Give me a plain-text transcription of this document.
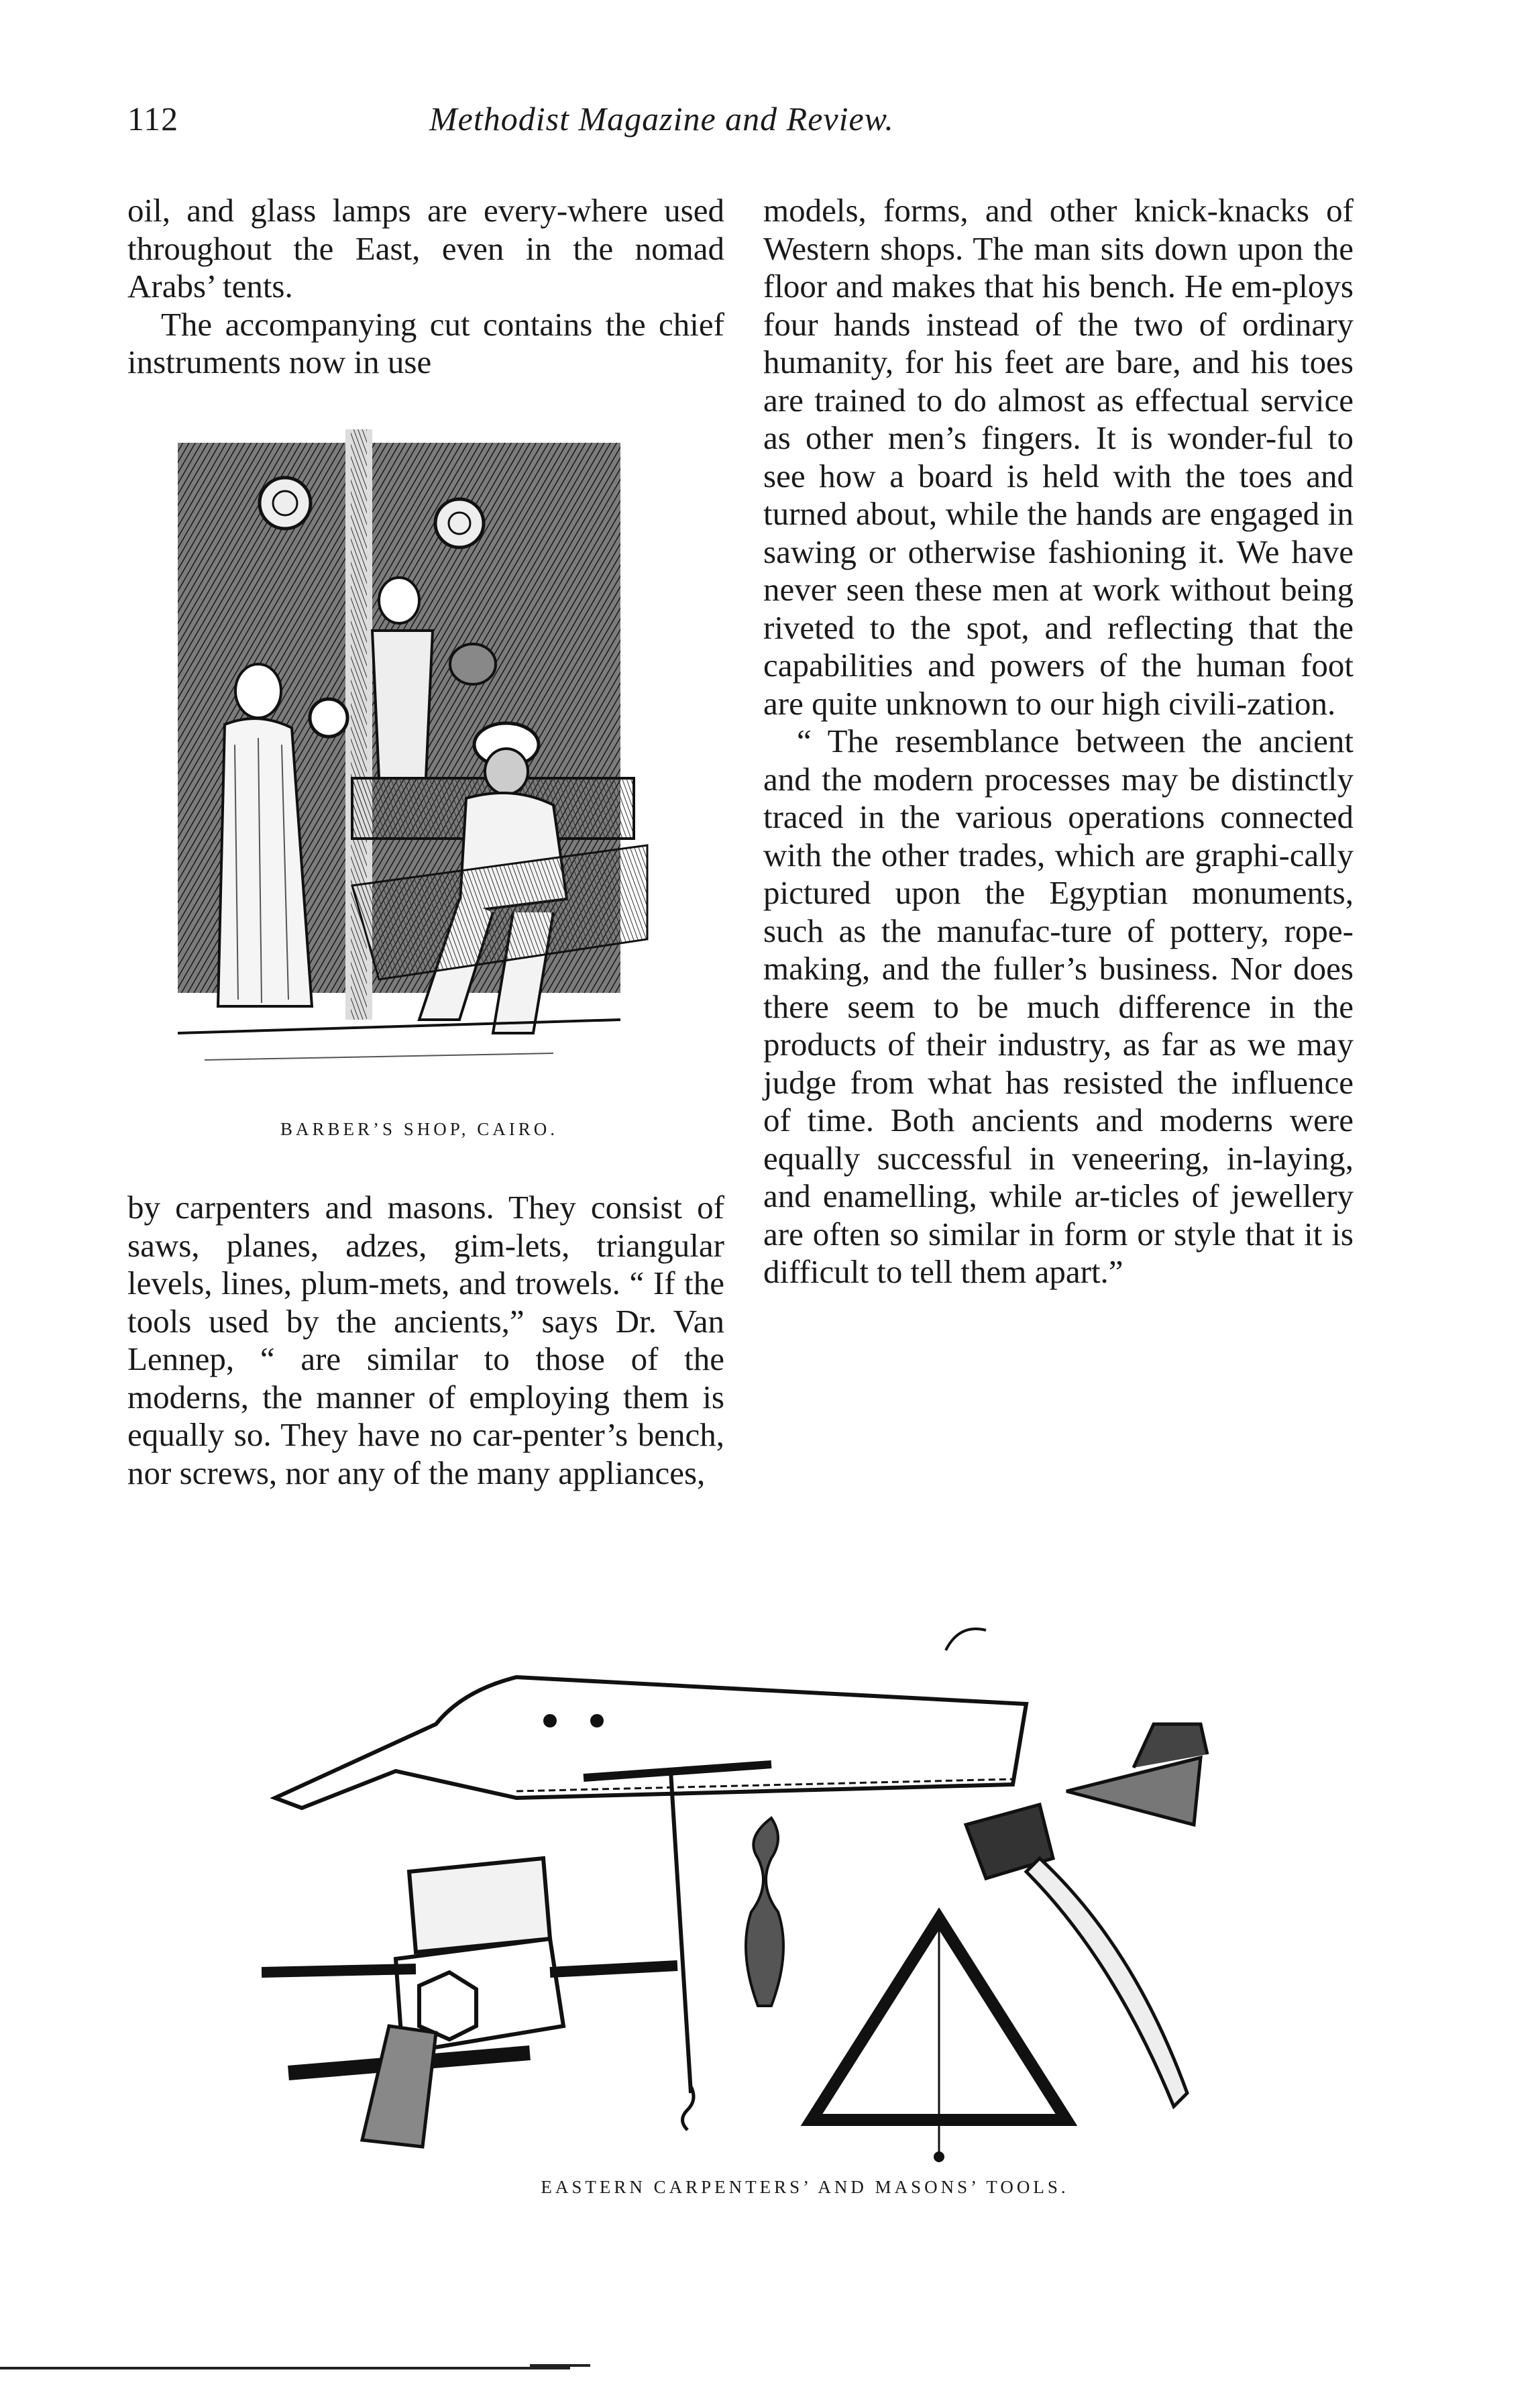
112	Methodist Magazine and Review.

oil, and glass lamps are every-where used throughout the East, even in the nomad Arabs’ tents.

The accompanying cut contains the chief instruments now in use

BARBER’S SHOP, CAIRO.

by carpenters and masons. They consist of saws, planes, adzes, gim-lets, triangular levels, lines, plum-mets, and trowels. “ If the tools used by the ancients,” says Dr. Van Lennep, “ are similar to those of the moderns, the manner of employing them is equally so. They have no car-penter’s bench, nor screws, nor any of the many appliances,

models, forms, and other knick-knacks of Western shops. The man sits down upon the floor and makes that his bench. He em-ploys four hands instead of the two of ordinary humanity, for his feet are bare, and his toes are trained to do almost as effectual service as other men’s fingers. It is wonder-ful to see how a board is held with the toes and turned about, while the hands are engaged in sawing or otherwise fashioning it. We have never seen these men at work without being riveted to the spot, and reflecting that the capabilities and powers of the human foot are quite unknown to our high civili-zation.

“ The resemblance between the ancient and the modern processes may be distinctly traced in the various operations connected with the other trades, which are graphi-cally pictured upon the Egyptian monuments, such as the manufac-ture of pottery, rope-making, and the fuller’s business. Nor does there seem to be much difference in the products of their industry, as far as we may judge from what has resisted the influence of time. Both ancients and moderns were equally successful in veneering, in-laying, and enamelling, while ar-ticles of jewellery are often so similar in form or style that it is difficult to tell them apart.”

EASTERN CARPENTERS’ AND MASONS’ TOOLS.
